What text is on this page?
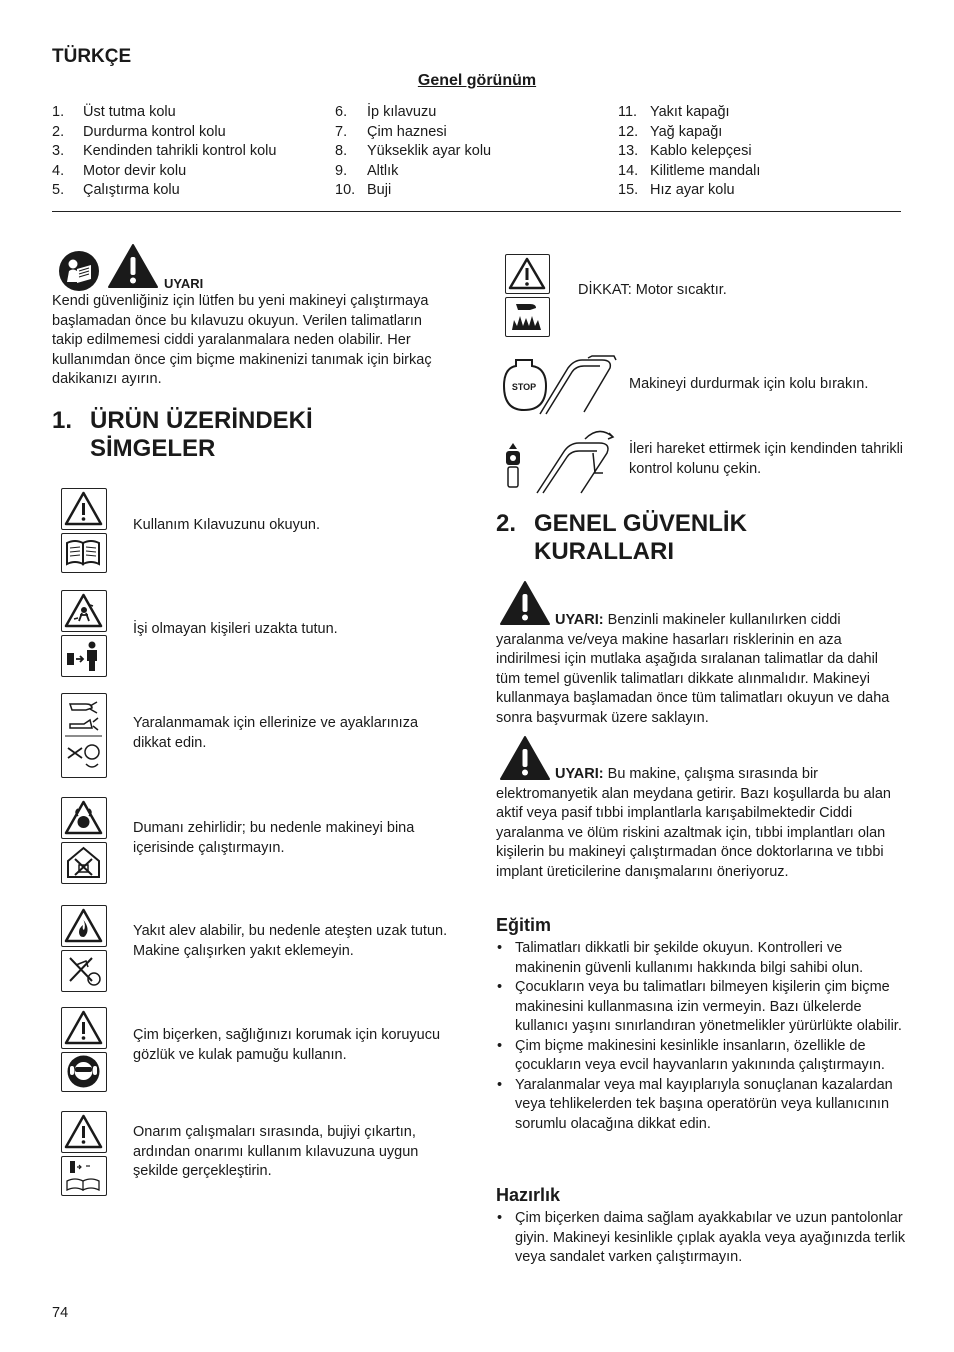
TÜRKÇE
Genel görünüm
1. Üst tutma kolu
2. Durdurma kontrol kolu
3. Kendinden tahrikli kontrol kolu
4. Motor devir kolu
5. Çalıştırma kolu
6. İp kılavuzu
7. Çim haznesi
8. Yükseklik ayar kolu
9. Altlık
10. Buji
11. Yakıt kapağı
12. Yağ kapağı
13. Kablo kelepçesi
14. Kilitleme mandalı
15. Hız ayar kolu
UYARI

Kendi güvenliğiniz için lütfen bu yeni makineyi çalıştırmaya başlamadan önce bu kılavuzu okuyun. Verilen talimatların takip edilmemesi ciddi yaralanmalara neden olabilir. Her kullanımdan önce çim biçme makinenizi tanımak için birkaç dakikanızı ayırın.

1. ÜRÜN ÜZERİNDEKİ
SİMGELER
Kullanım Kılavuzunu okuyun.
İşi olmayan kişileri uzakta tutun.
Yaralanmamak için ellerinize ve ayaklarınıza dikkat edin.
Dumanı zehirlidir; bu nedenle makineyi bina içerisinde çalıştırmayın.
Yakıt alev alabilir, bu nedenle ateşten uzak tutun. Makine çalışırken yakıt eklemeyin.
Çim biçerken, sağlığınızı korumak için koruyucu gözlük ve kulak pamuğu kullanın.
Onarım çalışmaları sırasında, bujiyi çıkartın, ardından onarımı kullanım kılavuzuna uygun şekilde gerçekleştirin.
DİKKAT: Motor sıcaktır.
STOP	Makineyi durdurmak için kolu bırakın.
İleri hareket ettirmek için kendinden tahrikli kontrol kolunu çekin.
2. GENEL GÜVENLİK
KURALLARI
UYARI: Benzinli makineler kullanılırken ciddi yaralanma ve/veya makine hasarları risklerinin en aza indirilmesi için mutlaka aşağıda sıralanan talimatlar da dahil tüm temel güvenlik talimatları dikkate alınmalıdır. Makineyi kullanmaya başlamadan önce tüm talimatları okuyun ve daha sonra başvurmak üzere saklayın.
UYARI: Bu makine, çalışma sırasında bir elektromanyetik alan meydana getirir. Bazı koşullarda bu alan aktif veya pasif tıbbi implantlarla karışabilmektedir Ciddi yaralanma ve ölüm riskini azaltmak için, tıbbi implantları olan kişilerin bu makineyi çalıştırmadan önce doktorlarına ve tıbbi implant üreticilerine danışmalarını öneriyoruz.
Eğitim
• Talimatları dikkatli bir şekilde okuyun. Kontrolleri ve makinenin güvenli kullanımı hakkında bilgi sahibi olun.
• Çocukların veya bu talimatları bilmeyen kişilerin çim biçme makinesini kullanmasına izin vermeyin. Bazı ülkelerde kullanıcı yaşını sınırlandıran yönetmelikler yürürlükte olabilir.
• Çim biçme makinesini kesinlikle insanların, özellikle de çocukların veya evcil hayvanların yakınında çalıştırmayın.
• Yaralanmalar veya mal kayıplarıyla sonuçlanan kazalardan veya tehlikelerden tek başına operatörün veya kullanıcının sorumlu olacağına dikkat edin.
Hazırlık
• Çim biçerken daima sağlam ayakkabılar ve uzun pantolonlar giyin. Makineyi kesinlikle çıplak ayakla veya ayağınızda terlik veya sandalet varken çalıştırmayın.
74
